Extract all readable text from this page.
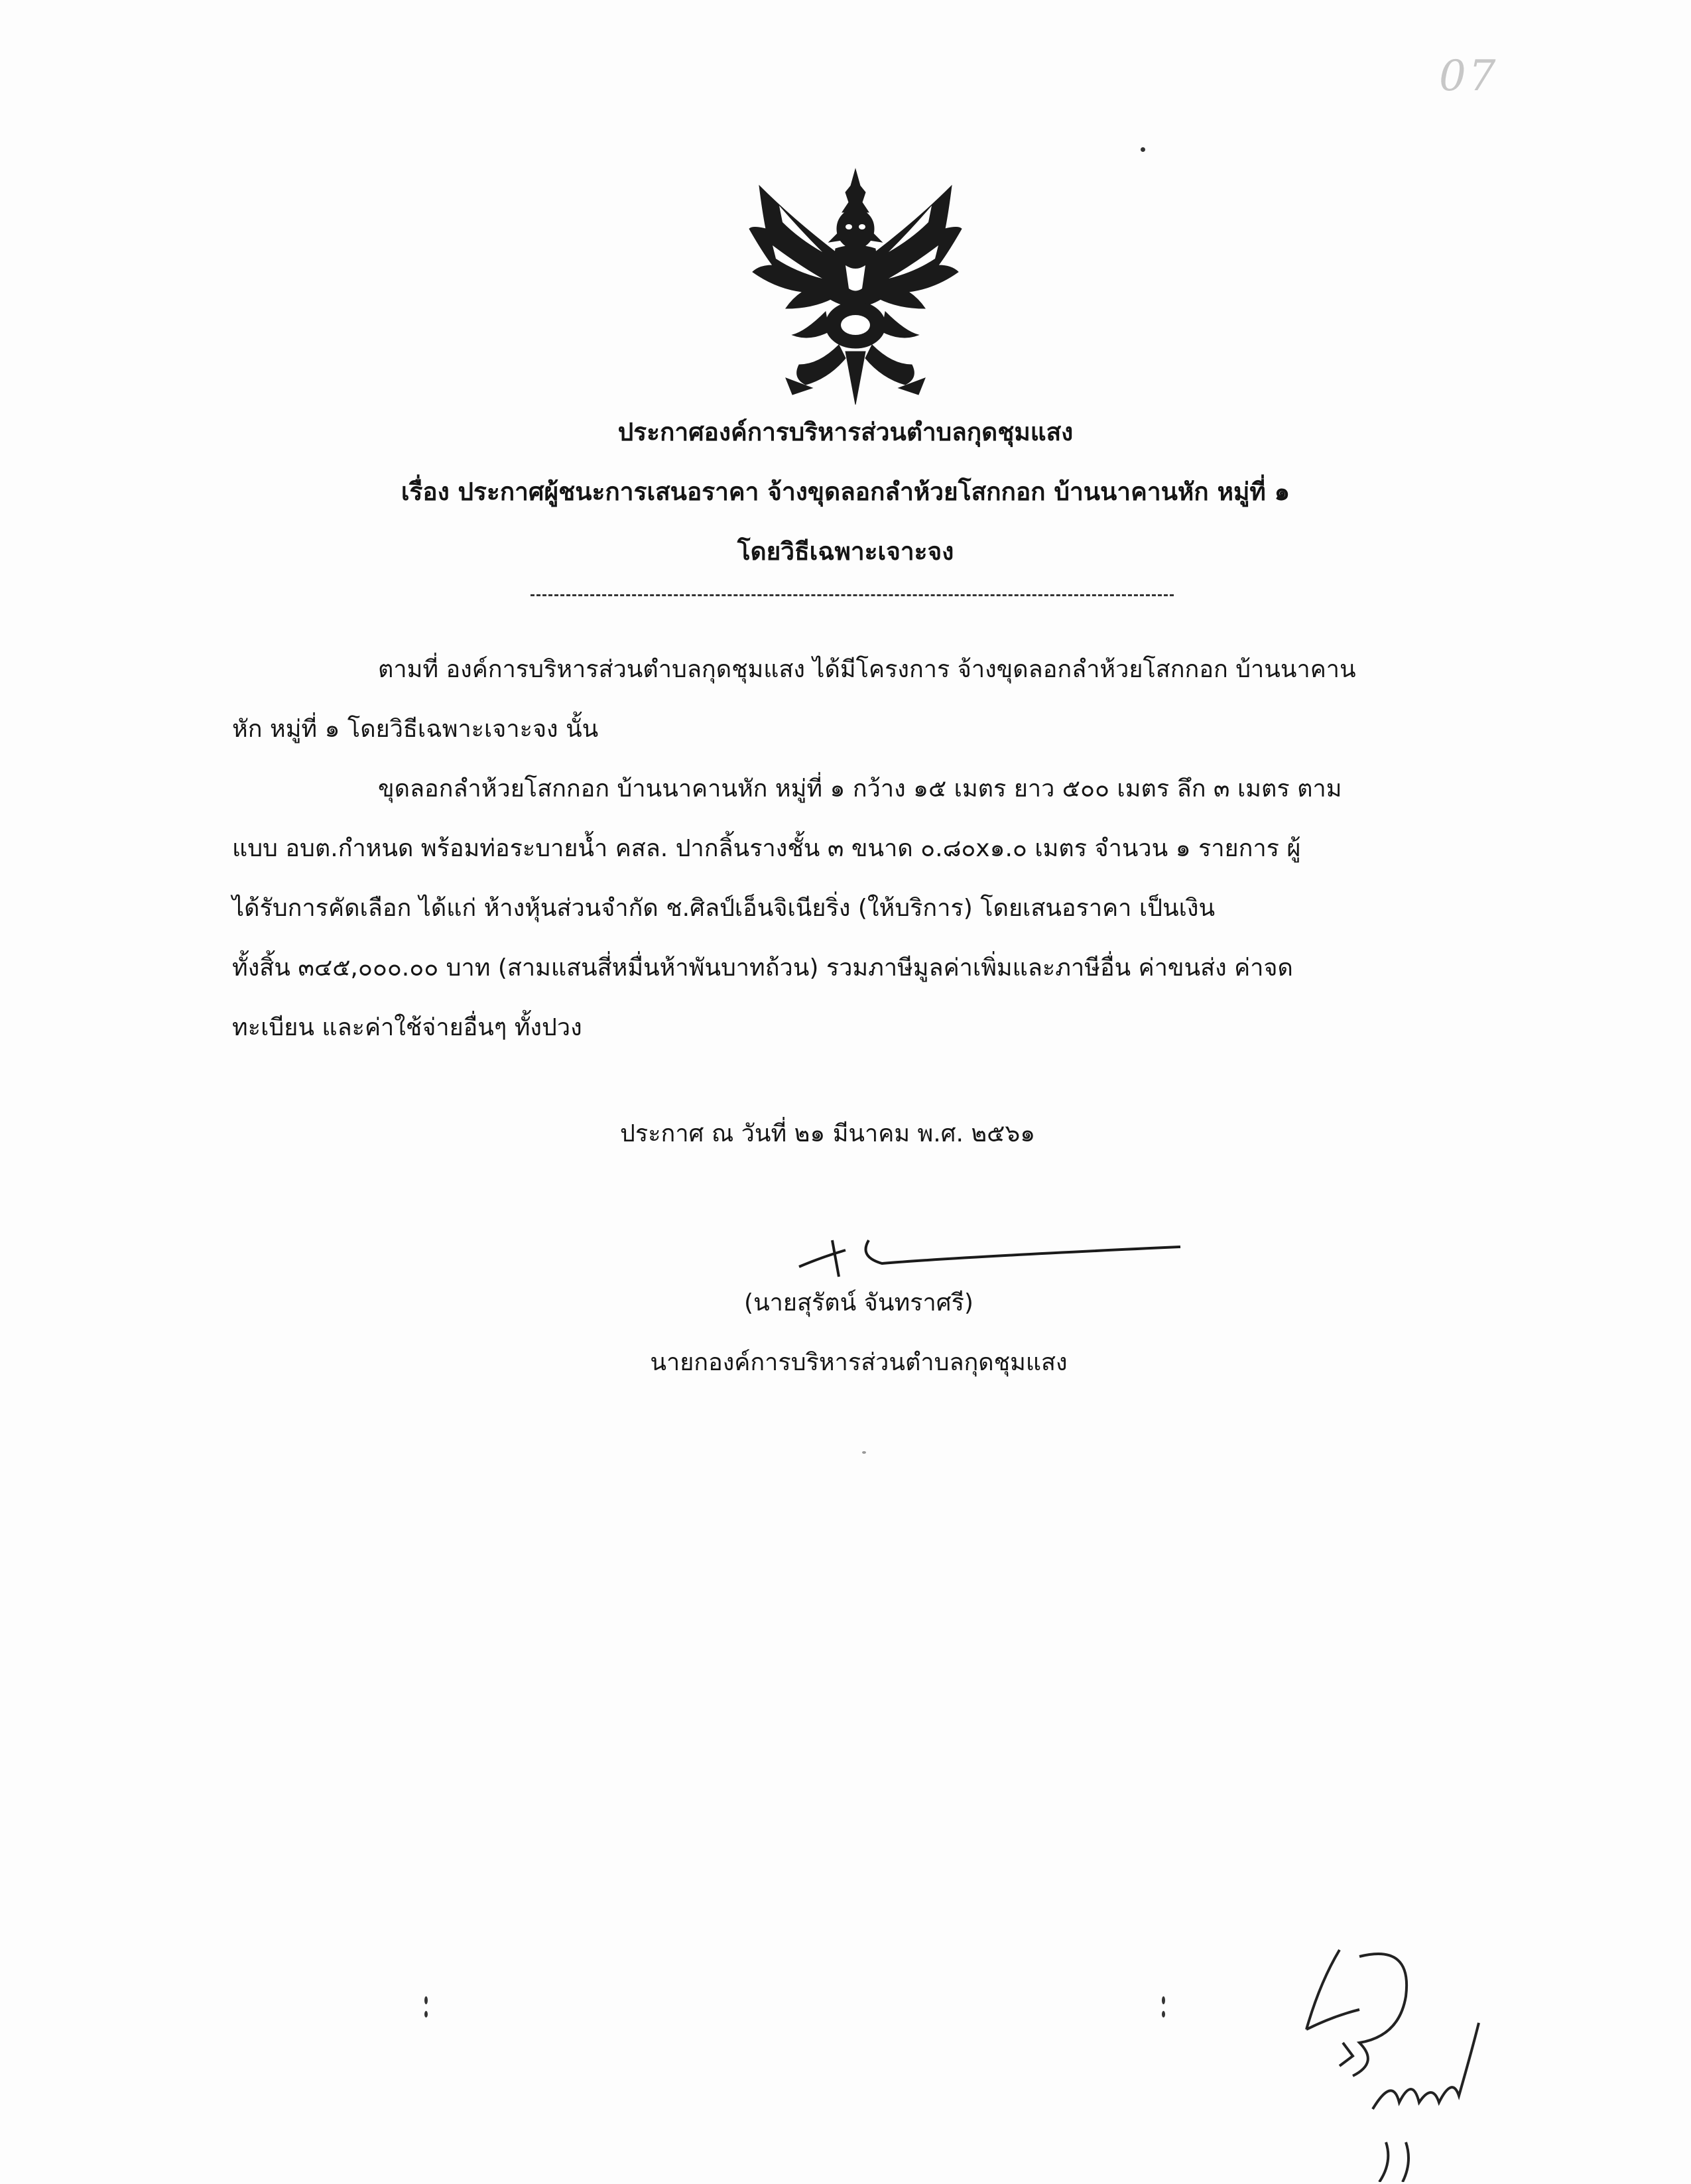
07
ประกาศองค์การบริหารส่วนตำบลกุดชุมแสง
เรื่อง ประกาศผู้ชนะการเสนอราคา จ้างขุดลอกลำห้วยโสกกอก บ้านนาคานหัก หมู่ที่ ๑
โดยวิธีเฉพาะเจาะจง
ตามที่ องค์การบริหารส่วนตำบลกุดชุมแสง ได้มีโครงการ จ้างขุดลอกลำห้วยโสกกอก บ้านนาคาน
หัก หมู่ที่ ๑ โดยวิธีเฉพาะเจาะจง นั้น
ขุดลอกลำห้วยโสกกอก บ้านนาคานหัก หมู่ที่ ๑ กว้าง ๑๕ เมตร ยาว ๕๐๐ เมตร ลึก ๓ เมตร ตาม
แบบ อบต.กำหนด พร้อมท่อระบายน้ำ คสล. ปากลิ้นรางชั้น ๓ ขนาด ๐.๘๐x๑.๐ เมตร จำนวน ๑ รายการ ผู้
ได้รับการคัดเลือก ได้แก่ ห้างหุ้นส่วนจำกัด ช.ศิลป์เอ็นจิเนียริ่ง (ให้บริการ) โดยเสนอราคา เป็นเงิน
ทั้งสิ้น ๓๔๕,๐๐๐.๐๐ บาท (สามแสนสี่หมื่นห้าพันบาทถ้วน) รวมภาษีมูลค่าเพิ่มและภาษีอื่น ค่าขนส่ง ค่าจด
ทะเบียน และค่าใช้จ่ายอื่นๆ ทั้งปวง
ประกาศ ณ วันที่ ๒๑ มีนาคม พ.ศ. ๒๕๖๑
(นายสุรัตน์ จันทราศรี)
นายกองค์การบริหารส่วนตำบลกุดชุมแสง
